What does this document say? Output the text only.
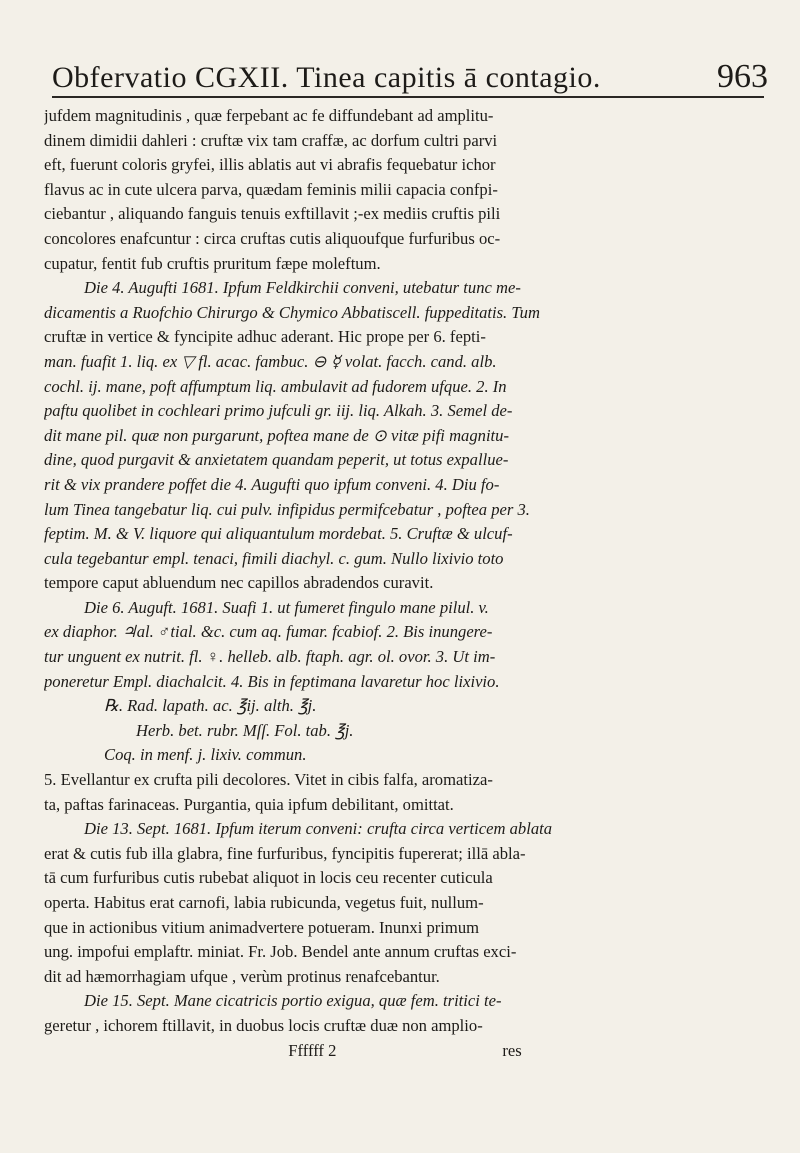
Obfervatio CGXII. Tinea capitis ā contagio.	963
jufdem magnitudinis , quæ ferpebant ac fe diffundebant ad amplitu-
dinem dimidii dahleri : cruftæ vix tam craffæ, ac dorfum cultri parvi
eft, fuerunt coloris gryfei, illis ablatis aut vi abrafis fequebatur ichor
flavus ac in cute ulcera parva, quædam feminis milii capacia confpi-
ciebantur , aliquando fanguis tenuis exftillavit ;-ex mediis cruftis pili
concolores enafcuntur : circa cruftas cutis aliquoufque furfuribus oc-
cupatur, fentit fub cruftis pruritum fæpe moleftum.
Die 4. Augufti 1681. Ipfum Feldkirchii conveni, utebatur tunc me-
dicamentis a Ruofchio Chirurgo & Chymico Abbatiscell. fuppeditatis. Tum
cruftæ in vertice & fyncipite adhuc aderant. Hic prope per 6. fepti-
man. fuafit 1. liq. ex ▽ fl. acac. fambuc. ⊖ ☿ volat. facch. cand. alb.
cochl. ij. mane, poft affumptum liq. ambulavit ad fudorem ufque. 2. In
paftu quolibet in cochleari primo jufculi gr. iij. liq. Alkah. 3. Semel de-
dit mane pil. quæ non purgarunt, poftea mane de ⊙ vitæ pifi magnitu-
dine, quod purgavit & anxietatem quandam peperit, ut totus expallue-
rit & vix prandere poffet die 4. Augufti quo ipfum conveni. 4. Diu fo-
lum Tinea tangebatur liq. cui pulv. infipidus permifcebatur , poftea per 3.
feptim. M. & V. liquore qui aliquantulum mordebat. 5. Cruftæ & ulcuf-
cula tegebantur empl. tenaci, fimili diachyl. c. gum. Nullo lixivio toto
tempore caput abluendum nec capillos abradendos curavit.
Die 6. Auguft. 1681. Suafi 1. ut fumeret fingulo mane pilul. v.
ex diaphor. ♃al. ♂tial. &c. cum aq. fumar. fcabiof. 2. Bis inungere-
tur unguent ex nutrit. fl. ♀. helleb. alb. ftaph. agr. ol. ovor. 3. Ut im-
poneretur Empl. diachalcit. 4. Bis in feptimana lavaretur hoc lixivio.
℞. Rad. lapath. ac. ℥ij. alth. ℥j.
Herb. bet. rubr. Mſſ. Fol. tab. ℥j.
Coq. in menf. j. lixiv. commun.
5. Evellantur ex crufta pili decolores. Vitet in cibis falfa, aromatiza-
ta, paftas farinaceas. Purgantia, quia ipfum debilitant, omittat.
Die 13. Sept. 1681. Ipfum iterum conveni: crufta circa verticem ablata
erat & cutis fub illa glabra, fine furfuribus, fyncipitis fupererat; illā abla-
tā cum furfuribus cutis rubebat aliquot in locis ceu recenter cuticula
operta. Habitus erat carnofi, labia rubicunda, vegetus fuit, nullum-
que in actionibus vitium animadvertere potueram. Inunxi primum
ung. impofui emplaftr. miniat. Fr. Job. Bendel ante annum cruftas exci-
dit ad hæmorrhagiam ufque , verùm protinus renafcebantur.
Die 15. Sept. Mane cicatricis portio exigua, quæ fem. tritici te-
geretur , ichorem ftillavit, in duobus locis cruftæ duæ non amplio-
Ffffff 2                                        res
